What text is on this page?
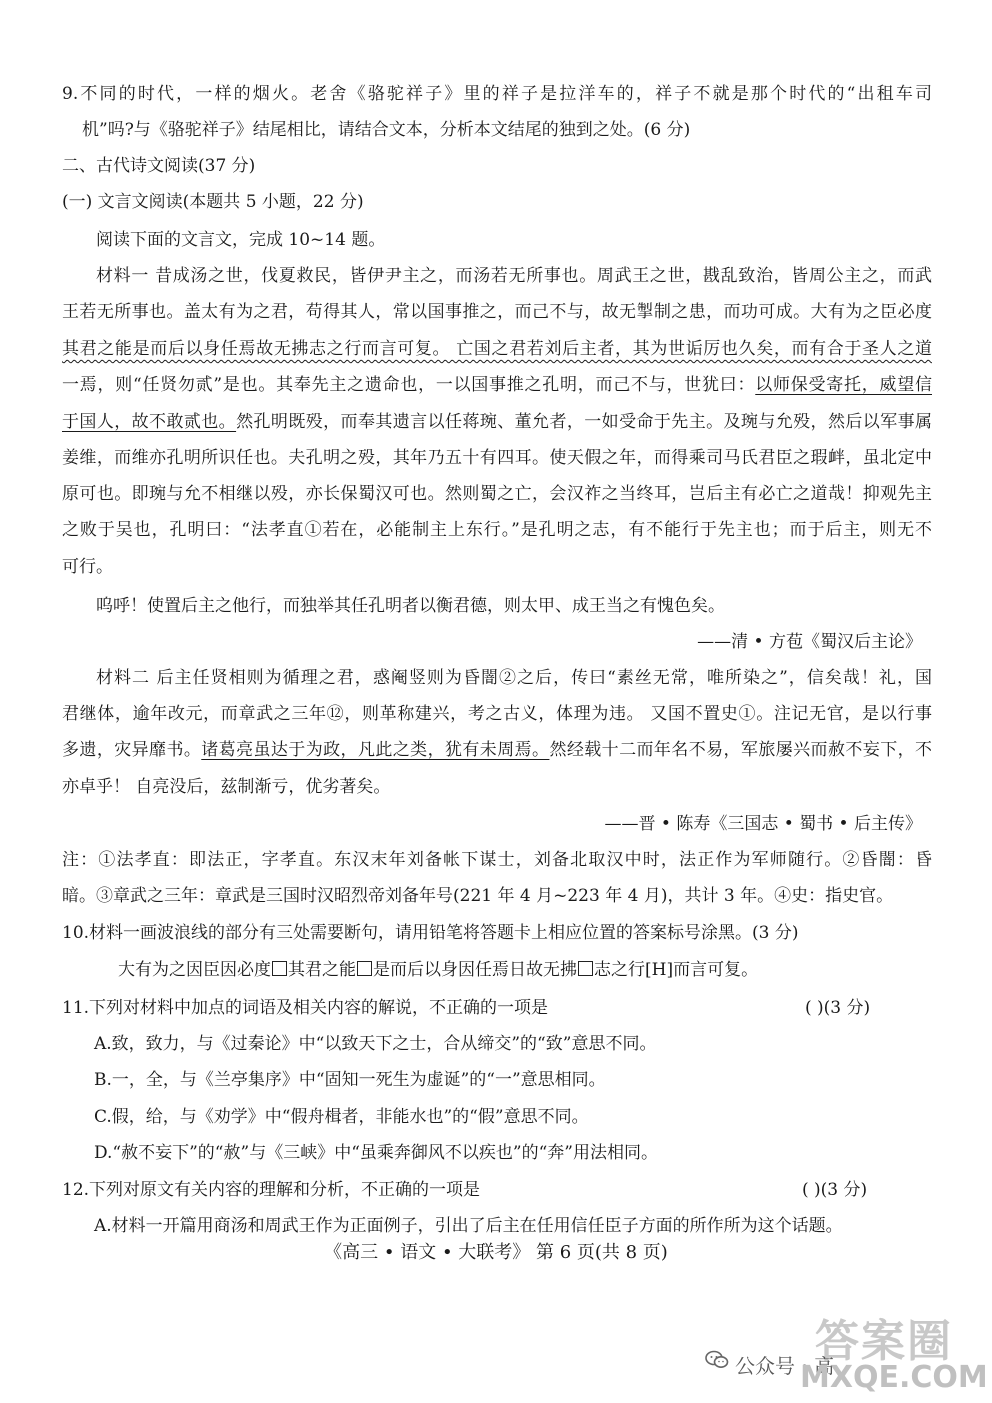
9.不同的时代，一样的烟火。老舍《骆驼祥子》里的祥子是拉洋车的，祥子不就是那个时代的“出租车司
机”吗?与《骆驼祥子》结尾相比，请结合文本，分析本文结尾的独到之处。(6 分)
二、古代诗文阅读(37 分)
(一) 文言文阅读(本题共 5 小题，22 分)
阅读下面的文言文，完成 10~14 题。
材料一 昔成汤之世，伐夏救民，皆伊尹主之，而汤若无所事也。周武王之世，戡乱致治，皆周公主之，而武
王若无所事也。盖太有为之君，苟得其人，常以国事推之，而己不与，故无掣制之患，而功可成。大有为之臣必度
其君之能是而后以身任焉故无拂志之行而言可复。 亡国之君若刘后主者，其为世诟厉也久矣，而有合于圣人之道
一焉，则“任贤勿贰”是也。其奉先主之遗命也，一以国事推之孔明，而己不与，世犹曰：以师保受寄托，威望信
于国人，故不敢贰也。然孔明既殁，而奉其遗言以任蒋琬、董允者，一如受命于先主。及琬与允殁，然后以军事属
姜维，而维亦孔明所识任也。夫孔明之殁，其年乃五十有四耳。使天假之年，而得乘司马氏君臣之瑕衅，虽北定中
原可也。即琬与允不相继以殁，亦长保蜀汉可也。然则蜀之亡，会汉祚之当终耳，岂后主有必亡之道哉！抑观先主
之败于吴也，孔明曰：“法孝直①若在，必能制主上东行。”是孔明之志，有不能行于先主也；而于后主，则无不
可行。
呜呼！使置后主之他行，而独举其任孔明者以衡君德，则太甲、成王当之有愧色矣。
——清 • 方苞《蜀汉后主论》
材料二 后主任贤相则为循理之君，惑阉竖则为昏闇②之后，传曰“素丝无常，唯所染之”，信矣哉！礼，国
君继体，逾年改元，而章武之三年⑫，则革称建兴，考之古义，体理为违。 又国不置史①。注记无官，是以行事
多遗，灾异靡书。诸葛亮虽达于为政，凡此之类，犹有未周焉。然经载十二而年名不易，军旅屡兴而赦不妄下，不
亦卓乎！ 自亮没后，兹制渐亏，优劣著矣。
——晋 • 陈寿《三国志 • 蜀书 • 后主传》
注：①法孝直：即法正，字孝直。东汉末年刘备帐下谋士，刘备北取汉中时，法正作为军师随行。②昏闇：昏
暗。③章武之三年：章武是三国时汉昭烈帝刘备年号(221 年 4 月~223 年 4 月)，共计 3 年。④史：指史官。
10.材料一画波浪线的部分有三处需要断句，请用铅笔将答题卡上相应位置的答案标号涂黑。(3 分)
大有为之因臣因必度 其君之能 是而后以身因任焉日故无拂 志之行[H]而言可复。
11.下列对材料中加点的词语及相关内容的解说，不正确的一项是	( )(3 分)
A.致，致力，与《过秦论》中“以致天下之士，合从缔交”的“致”意思不同。
B.一，全，与《兰亭集序》中“固知一死生为虚诞”的“一”意思相同。
C.假，给，与《劝学》中“假舟楫者，非能水也”的“假”意思不同。
D.“赦不妄下”的“赦”与《三峡》中“虽乘奔御风不以疾也”的“奔”用法相同。
12.下列对原文有关内容的理解和分析，不正确的一项是	( )(3 分)
A.材料一开篇用商汤和周武王作为正面例子，引出了后主在任用信任臣子方面的所作所为这个话题。
《高三 • 语文 • 大联考》 第 6 页(共 8 页)
答案圈
公众号 · 高
MXQE.COM
